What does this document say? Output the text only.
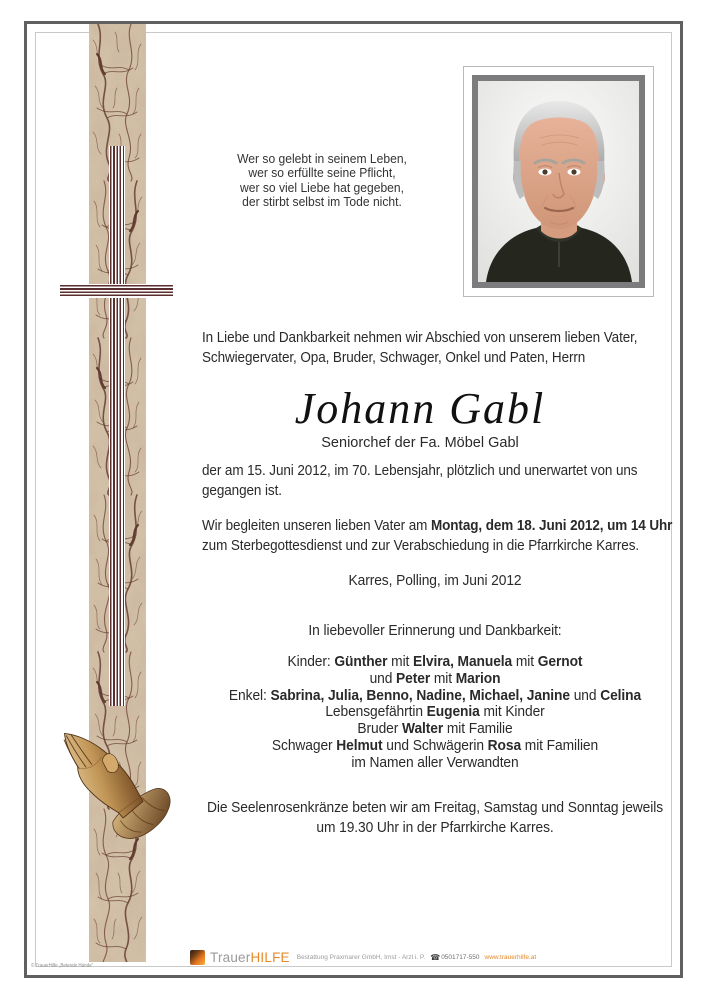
Wer so gelebt in seinem Leben,
wer so erfüllte seine Pflicht,
wer so viel Liebe hat gegeben,
der stirbt selbst im Tode nicht.
In Liebe und Dankbarkeit nehmen wir Abschied von unserem lieben Vater,
Schwiegervater, Opa, Bruder, Schwager, Onkel und Paten, Herrn
Johann Gabl
Seniorchef der Fa. Möbel Gabl
der am 15. Juni 2012, im 70. Lebensjahr, plötzlich und unerwartet von uns
gegangen ist.
Wir begleiten unseren lieben Vater am Montag, dem 18. Juni 2012, um 14 Uhr
zum Sterbegottesdienst und zur Verabschiedung in die Pfarrkirche Karres.
Karres, Polling, im Juni 2012
In liebevoller Erinnerung und Dankbarkeit:
Kinder: Günther mit Elvira, Manuela mit Gernot
und Peter mit Marion
Enkel: Sabrina, Julia, Benno, Nadine, Michael, Janine und Celina
Lebensgefährtin Eugenia mit Kinder
Bruder Walter mit Familie
Schwager Helmut und Schwägerin Rosa mit Familien
im Namen aller Verwandten
Die Seelenrosenkränze beten wir am Freitag, Samstag und Sonntag jeweils
um 19.30 Uhr in der Pfarrkirche Karres.
TrauerHILFE Bestattung Praxmarer GmbH, Imst - Arzl i. P. ☎ 0501717-550 www.trauerhilfe.at
© TrauerHilfe „Betende Hände“
